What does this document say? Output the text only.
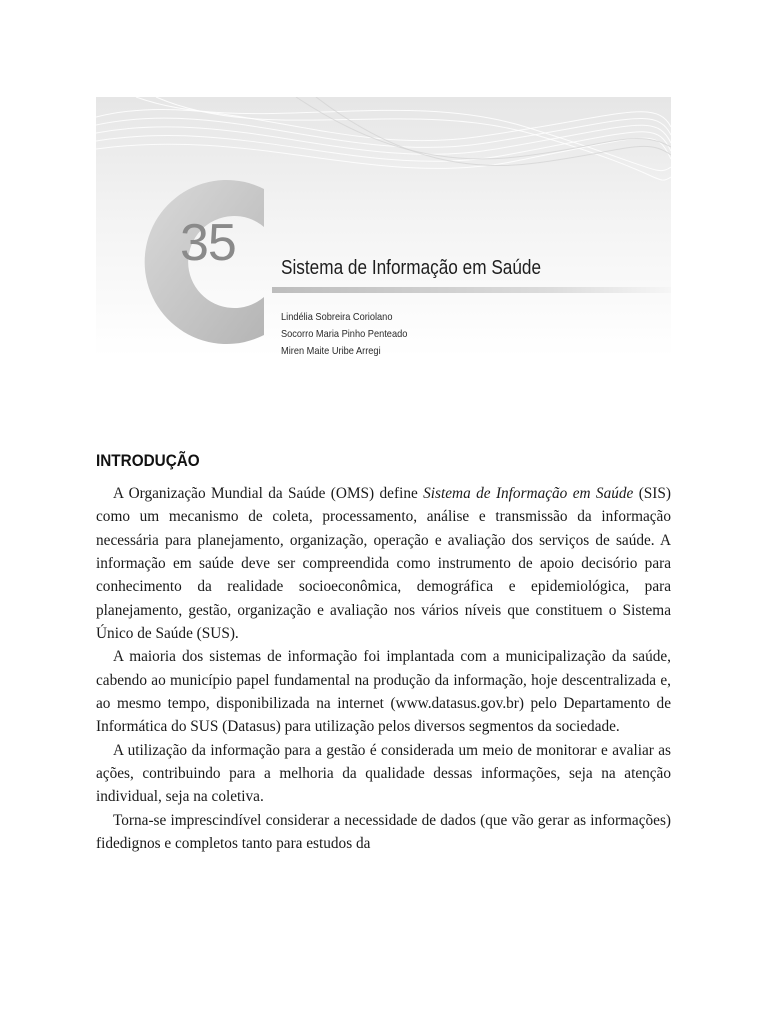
35	Sistema de Informação em Saúde
Lindélia Sobreira Coriolano
Socorro Maria Pinho Penteado
Miren Maite Uribe Arregi
INTRODUÇÃO

A Organização Mundial da Saúde (OMS) define Sistema de Informação em Saúde (SIS) como um mecanismo de coleta, processamento, análise e transmissão da informação necessária para planejamento, organização, operação e avaliação dos serviços de saúde. A informação em saúde deve ser compreendida como instrumento de apoio decisório para conhecimento da realidade socioeconômica, demográfica e epidemiológica, para planejamento, gestão, organização e avaliação nos vários níveis que constituem o Sistema Único de Saúde (SUS).

A maioria dos sistemas de informação foi implantada com a municipalização da saúde, cabendo ao município papel fundamental na produção da informação, hoje descentralizada e, ao mesmo tempo, disponibilizada na internet (www.datasus.gov.br) pelo Departamento de Informática do SUS (Datasus) para utilização pelos diversos segmentos da sociedade.

A utilização da informação para a gestão é considerada um meio de monitorar e avaliar as ações, contribuindo para a melhoria da qualidade dessas informações, seja na atenção individual, seja na coletiva.

Torna-se imprescindível considerar a necessidade de dados (que vão gerar as informações) fidedignos e completos tanto para estudos da
